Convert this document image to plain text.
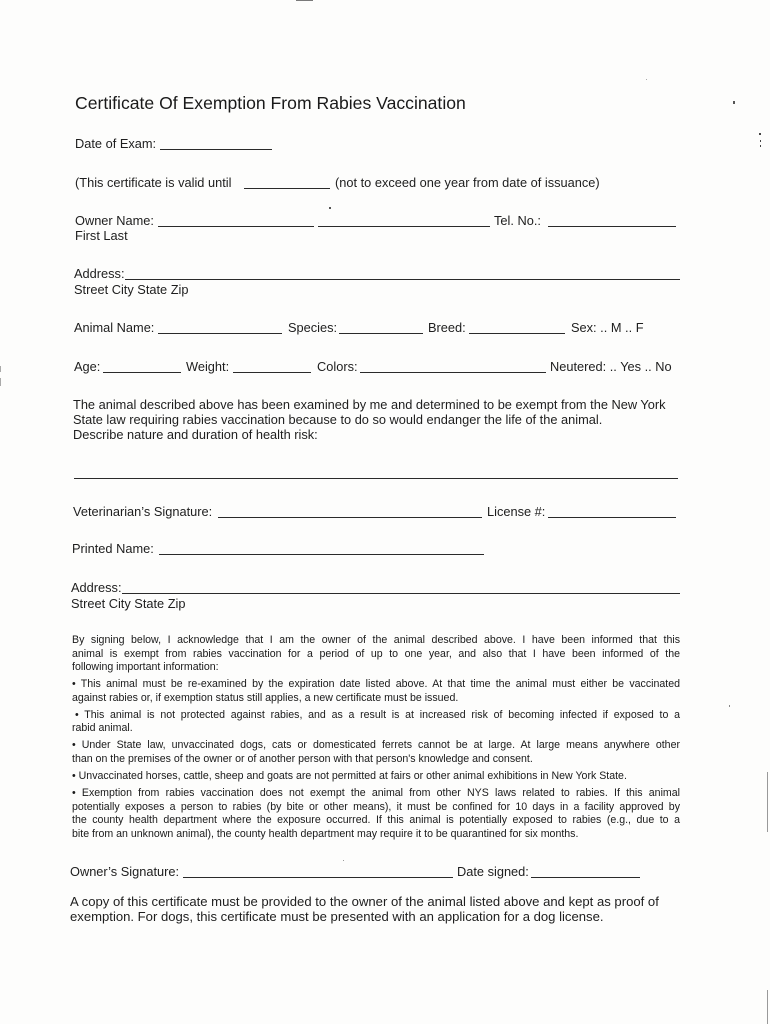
Certificate Of Exemption From Rabies Vaccination
Date of Exam:
(This certificate is valid until	(not to exceed one year from date of issuance)
Owner Name:	Tel. No.:
First Last
Address:
Street City State Zip
Animal Name:	Species:	Breed:	Sex: .. M .. F
Age:	Weight:	Colors:	Neutered: .. Yes .. No
The animal described above has been examined by me and determined to be exempt from the New York
State law requiring rabies vaccination because to do so would endanger the life of the animal.
Describe nature and duration of health risk:
Veterinarian’s Signature:	License #:
Printed Name:
Address:
Street City State Zip
By signing below, I acknowledge that I am the owner of the animal described above. I have been informed that this
animal is exempt from rabies vaccination for a period of up to one year, and also that I have been informed of the
following important information:
• This animal must be re-examined by the expiration date listed above. At that time the animal must either be vaccinated
against rabies or, if exemption status still applies, a new certificate must be issued.
• This animal is not protected against rabies, and as a result is at increased risk of becoming infected if exposed to a
rabid animal.
• Under State law, unvaccinated dogs, cats or domesticated ferrets cannot be at large. At large means anywhere other
than on the premises of the owner or of another person with that person's knowledge and consent.
• Unvaccinated horses, cattle, sheep and goats are not permitted at fairs or other animal exhibitions in New York State.
• Exemption from rabies vaccination does not exempt the animal from other NYS laws related to rabies. If this animal
potentially exposes a person to rabies (by bite or other means), it must be confined for 10 days in a facility approved by
the county health department where the exposure occurred. If this animal is potentially exposed to rabies (e.g., due to a
bite from an unknown animal), the county health department may require it to be quarantined for six months.
Owner’s Signature:	Date signed:
A copy of this certificate must be provided to the owner of the animal listed above and kept as proof of
exemption. For dogs, this certificate must be presented with an application for a dog license.
